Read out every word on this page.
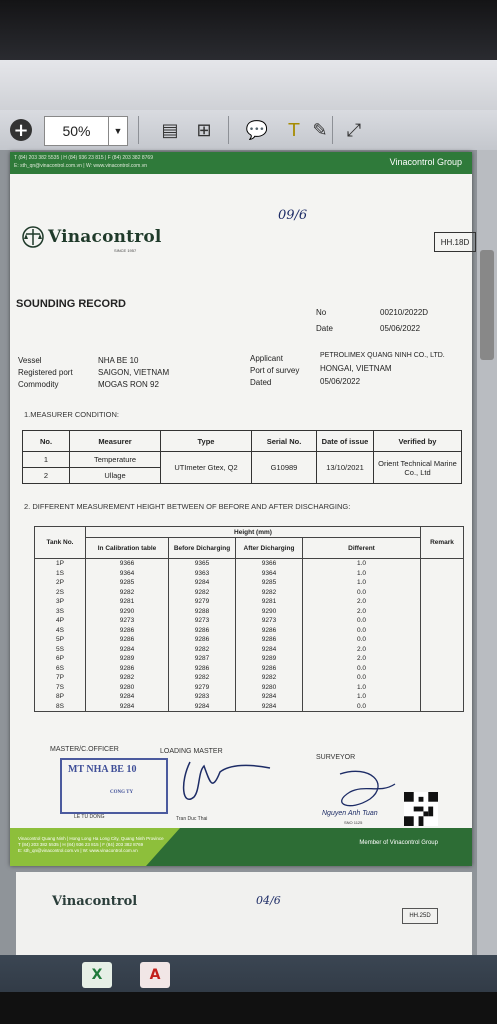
+	50%	▼	▤ ⊞	💬	T ✎	⤢
T (84) 203 382 5535 | H (84) 936 23 815 | F (84) 203 382 8769
E: sth_qn@vinacontrol.com.vn | W: www.vinacontrol.com.vn	Vinacontrol Group
Vinacontrol
SINCE 1957
09/6
HH.18D
SOUNDING RECORD
No	00210/2022D
Date	05/06/2022
Vessel	NHA BE 10
Registered port	SAIGON, VIETNAM
Commodity	MOGAS RON 92
Applicant	PETROLIMEX QUANG NINH CO., LTD.
Port of survey	HONGAI, VIETNAM
Dated	05/06/2022
1.MEASURER CONDITION:
No.	Measurer	Type	Serial No.	Date of issue	Verified by
1	Temperature	UTImeter Gtex, Q2	G10989	13/10/2021	Orient Technical Marine Co., Ltd
2	Ullage				
2. DIFFERENT MEASUREMENT HEIGHT BETWEEN OF BEFORE AND AFTER DISCHARGING:
Tank No.	Height (mm)				Remark
	In Calibration table	Before Dicharging	After Dicharging	Different	
1P	9366	9365	9366	1.0	
1S	9364	9363	9364	1.0	
2P	9285	9284	9285	1.0	
2S	9282	9282	9282	0.0	
3P	9281	9279	9281	2.0	
3S	9290	9288	9290	2.0	
4P	9273	9273	9273	0.0	
4S	9286	9286	9286	0.0	
5P	9286	9286	9286	0.0	
5S	9284	9282	9284	2.0	
6P	9289	9287	9289	2.0	
6S	9286	9286	9286	0.0	
7P	9282	9282	9282	0.0	
7S	9280	9279	9280	1.0	
8P	9284	9283	9284	1.0	
8S	9284	9284	9284	0.0	
MASTER/C.OFFICER	LOADING MASTER
SURVEYOR
MT NHA BE 10
CONG TY
LE TU DONG	Tran Duc Thai
Nguyen Anh Tuan
SNO 1125
Vinacontrol Quang Ninh | Hong Long Ha Long City, Quang Ninh Province
T (84) 203 382 5535 | H (84) 936 23 815 | F (84) 203 382 8769
E: sth_qn@vinacontrol.com.vn | W: www.vinacontrol.com.vn
Member of Vinacontrol Group
Vinacontrol	04/6
HH.25D
X	A
